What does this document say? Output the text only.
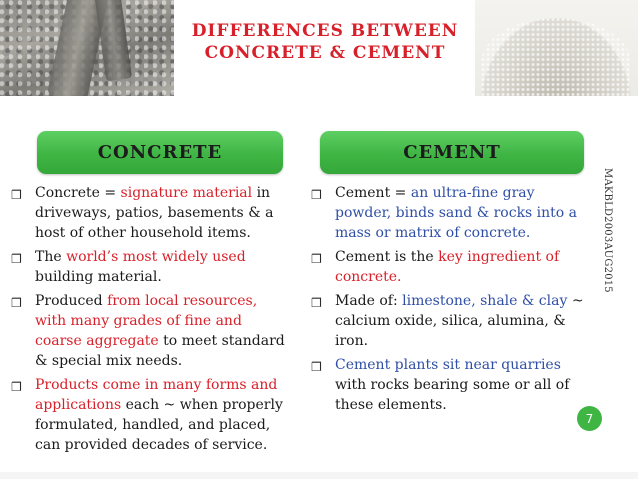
DIFFERENCES BETWEEN
CONCRETE & CEMENT
CONCRETE	CEMENT
MAKBLD2003AUG2015
❒ Concrete = signature material in driveways, patios, basements & a host of other household items.
❒ The world’s most widely used building material.
❒ Produced from local resources, with many grades of fine and coarse aggregate to meet standard & special mix needs.
❒ Products come in many forms and applications each ~ when properly formulated, handled, and placed, can provided decades of service.
❒ Cement = an ultra-fine gray powder, binds sand & rocks into a mass or matrix of concrete.
❒ Cement is the key ingredient of concrete.
❒ Made of: limestone, shale & clay ~ calcium oxide, silica, alumina, & iron.
❒ Cement plants sit near quarries with rocks bearing some or all of these elements.
7
